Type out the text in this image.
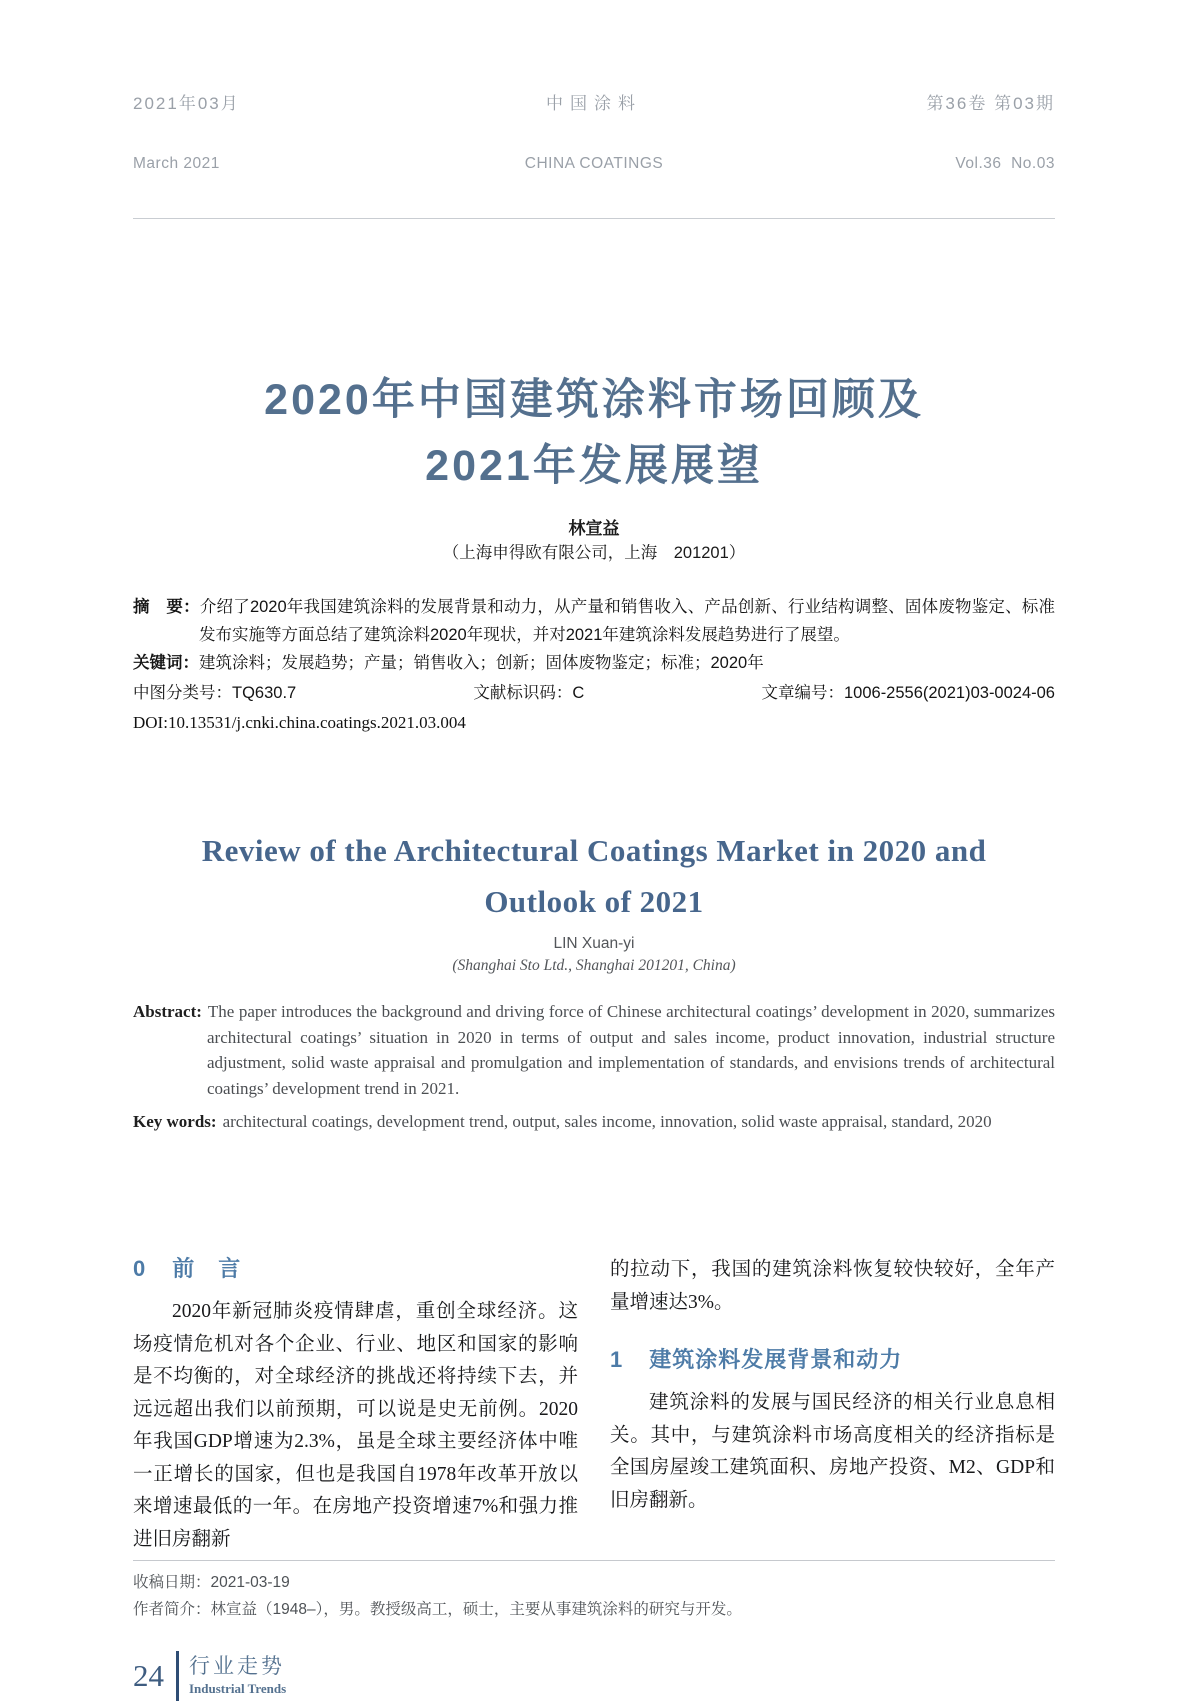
2021年03月

March 2021

中国涂料

CHINA COATINGS

第36卷 第03期

Vol.36  No.03

2020年中国建筑涂料市场回顾及
2021年发展展望
林宣益
（上海申得欧有限公司，上海　201201）

摘　要：介绍了2020年我国建筑涂料的发展背景和动力，从产量和销售收入、产品创新、行业结构调整、固体废物鉴定、标准发布实施等方面总结了建筑涂料2020年现状，并对2021年建筑涂料发展趋势进行了展望。

关键词：建筑涂料；发展趋势；产量；销售收入；创新；固体废物鉴定；标准；2020年

中图分类号：TQ630.7	文献标识码：C	文章编号：1006-2556(2021)03-0024-06
DOI:10.13531/j.cnki.china.coatings.2021.03.004
Review of the Architectural Coatings Market in 2020 and
Outlook of 2021
LIN Xuan-yi
(Shanghai Sto Ltd., Shanghai 201201, China)

Abstract: The paper introduces the background and driving force of Chinese architectural coatings’ development in 2020, summarizes architectural coatings’ situation in 2020 in terms of output and sales income, product innovation, industrial structure adjustment, solid waste appraisal and promulgation and implementation of standards, and envisions trends of architectural coatings’ development trend in 2021.

Key words: architectural coatings, development trend, output, sales income, innovation, solid waste appraisal, standard, 2020

0 前　言

2020年新冠肺炎疫情肆虐，重创全球经济。这场疫情危机对各个企业、行业、地区和国家的影响是不均衡的，对全球经济的挑战还将持续下去，并远远超出我们以前预期，可以说是史无前例。2020年我国GDP增速为2.3%，虽是全球主要经济体中唯一正增长的国家，但也是我国自1978年改革开放以来增速最低的一年。在房地产投资增速7%和强力推进旧房翻新

的拉动下，我国的建筑涂料恢复较快较好，全年产量增速达3%。

1 建筑涂料发展背景和动力

建筑涂料的发展与国民经济的相关行业息息相关。其中，与建筑涂料市场高度相关的经济指标是全国房屋竣工建筑面积、房地产投资、M2、GDP和旧房翻新。

收稿日期：2021-03-19
作者简介：林宣益（1948–），男。教授级高工，硕士，主要从事建筑涂料的研究与开发。
24 行业走势
Industrial Trends
